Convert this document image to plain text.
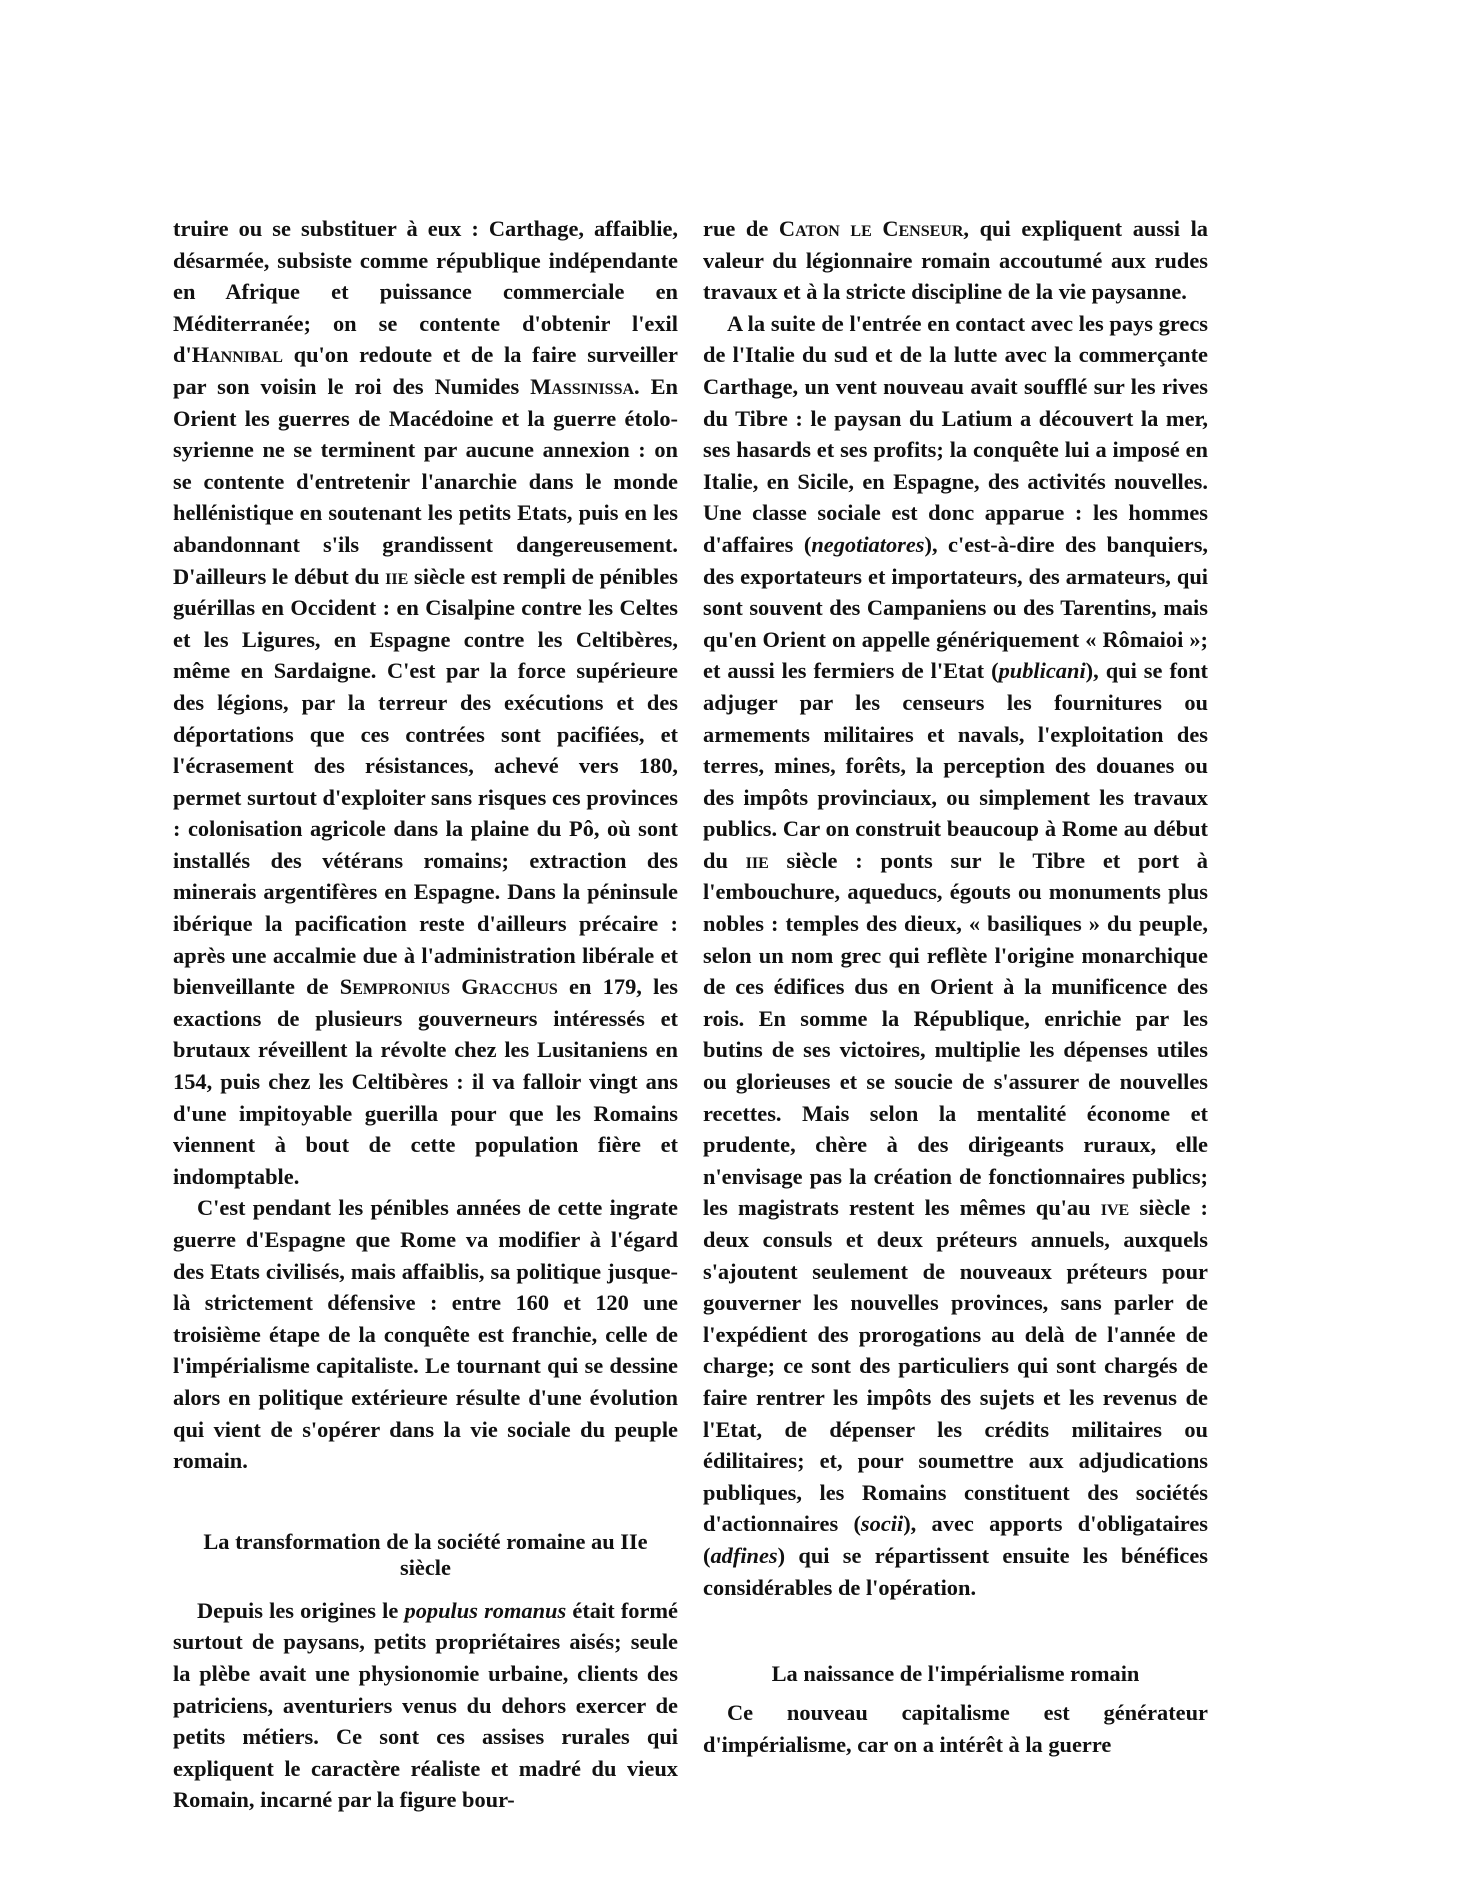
truire ou se substituer à eux : Carthage, affaiblie, désarmée, subsiste comme république indépendante en Afrique et puissance commerciale en Méditerranée; on se contente d'obtenir l'exil d'Hannibal qu'on redoute et de la faire surveiller par son voisin le roi des Numides Massinissa. En Orient les guerres de Macédoine et la guerre étolo-syrienne ne se terminent par aucune annexion : on se contente d'entretenir l'anarchie dans le monde hellénistique en soutenant les petits Etats, puis en les abandonnant s'ils grandissent dangereusement. D'ailleurs le début du iie siècle est rempli de pénibles guérillas en Occident : en Cisalpine contre les Celtes et les Ligures, en Espagne contre les Celtibères, même en Sardaigne. C'est par la force supérieure des légions, par la terreur des exécutions et des déportations que ces contrées sont pacifiées, et l'écrasement des résistances, achevé vers 180, permet surtout d'exploiter sans risques ces provinces : colonisation agricole dans la plaine du Pô, où sont installés des vétérans romains; extraction des minerais argentifères en Espagne. Dans la péninsule ibérique la pacification reste d'ailleurs précaire : après une accalmie due à l'administration libérale et bienveillante de Sempronius Gracchus en 179, les exactions de plusieurs gouverneurs intéressés et brutaux réveillent la révolte chez les Lusitaniens en 154, puis chez les Celtibères : il va falloir vingt ans d'une impitoyable guerilla pour que les Romains viennent à bout de cette population fière et indomptable.

C'est pendant les pénibles années de cette ingrate guerre d'Espagne que Rome va modifier à l'égard des Etats civilisés, mais affaiblis, sa politique jusque-là strictement défensive : entre 160 et 120 une troisième étape de la conquête est franchie, celle de l'impérialisme capitaliste. Le tournant qui se dessine alors en politique extérieure résulte d'une évolution qui vient de s'opérer dans la vie sociale du peuple romain.

La transformation de la société romaine au IIe siècle

Depuis les origines le populus romanus était formé surtout de paysans, petits propriétaires aisés; seule la plèbe avait une physionomie urbaine, clients des patriciens, aventuriers venus du dehors exercer de petits métiers. Ce sont ces assises rurales qui expliquent le caractère réaliste et madré du vieux Romain, incarné par la figure bour-

rue de Caton le Censeur, qui expliquent aussi la valeur du légionnaire romain accoutumé aux rudes travaux et à la stricte discipline de la vie paysanne.

A la suite de l'entrée en contact avec les pays grecs de l'Italie du sud et de la lutte avec la commerçante Carthage, un vent nouveau avait soufflé sur les rives du Tibre : le paysan du Latium a découvert la mer, ses hasards et ses profits; la conquête lui a imposé en Italie, en Sicile, en Espagne, des activités nouvelles. Une classe sociale est donc apparue : les hommes d'affaires (negotiatores), c'est-à-dire des banquiers, des exportateurs et importateurs, des armateurs, qui sont souvent des Campaniens ou des Tarentins, mais qu'en Orient on appelle génériquement « Rômaioi »; et aussi les fermiers de l'Etat (publicani), qui se font adjuger par les censeurs les fournitures ou armements militaires et navals, l'exploitation des terres, mines, forêts, la perception des douanes ou des impôts provinciaux, ou simplement les travaux publics. Car on construit beaucoup à Rome au début du iie siècle : ponts sur le Tibre et port à l'embouchure, aqueducs, égouts ou monuments plus nobles : temples des dieux, « basiliques » du peuple, selon un nom grec qui reflète l'origine monarchique de ces édifices dus en Orient à la munificence des rois. En somme la République, enrichie par les butins de ses victoires, multiplie les dépenses utiles ou glorieuses et se soucie de s'assurer de nouvelles recettes. Mais selon la mentalité économe et prudente, chère à des dirigeants ruraux, elle n'envisage pas la création de fonctionnaires publics; les magistrats restent les mêmes qu'au ive siècle : deux consuls et deux préteurs annuels, auxquels s'ajoutent seulement de nouveaux préteurs pour gouverner les nouvelles provinces, sans parler de l'expédient des prorogations au delà de l'année de charge; ce sont des particuliers qui sont chargés de faire rentrer les impôts des sujets et les revenus de l'Etat, de dépenser les crédits militaires ou édilitaires; et, pour soumettre aux adjudications publiques, les Romains constituent des sociétés d'actionnaires (socii), avec apports d'obligataires (adfines) qui se répartissent ensuite les bénéfices considérables de l'opération.

La naissance de l'impérialisme romain

Ce nouveau capitalisme est générateur d'impérialisme, car on a intérêt à la guerre
